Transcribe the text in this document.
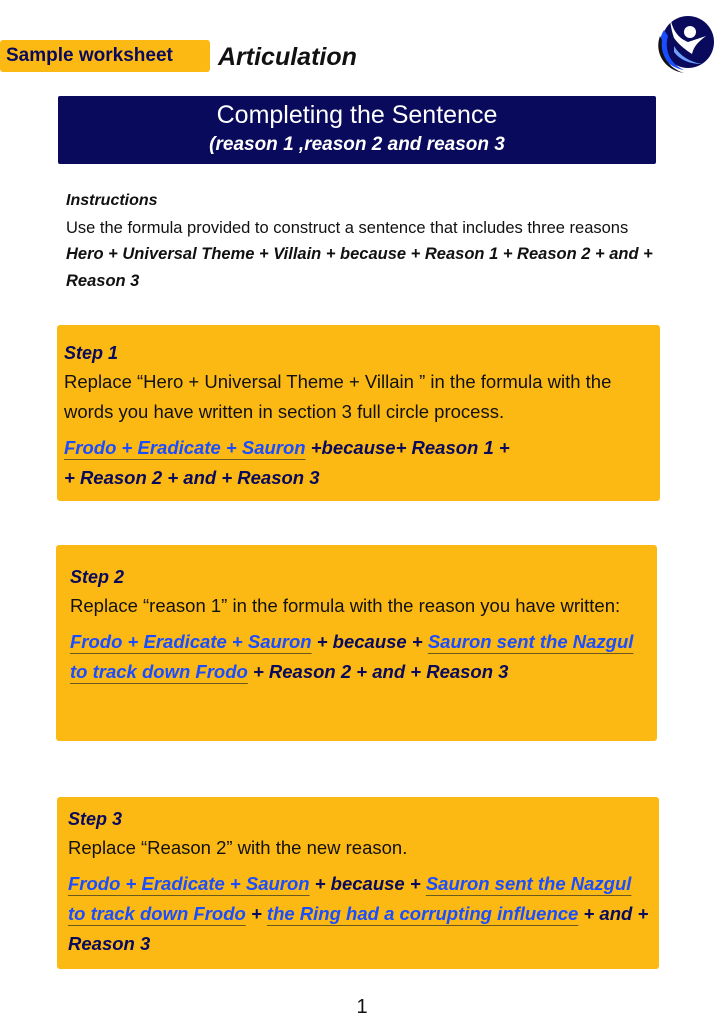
Sample worksheet	Articulation
Completing the Sentence
(reason 1 ,reason 2 and reason 3
Instructions
Use the formula provided to construct a sentence that includes three reasons Hero + Universal Theme + Villain + because + Reason 1 + Reason 2 + and + Reason 3
Step 1
Replace “Hero + Universal Theme + Villain ” in the formula with the words you have written in section 3 full circle process.
Frodo + Eradicate + Sauron +because+ Reason 1 +
+ Reason 2 + and + Reason 3
Step 2
Replace “reason 1” in the formula with the reason you have written:
Frodo + Eradicate + Sauron + because + Sauron sent the Nazgul to track down Frodo + Reason 2 + and + Reason 3
Step 3
Replace “Reason 2” with the new reason.
Frodo + Eradicate + Sauron + because + Sauron sent the Nazgul to track down Frodo + the Ring had a corrupting influence + and + Reason 3
1
